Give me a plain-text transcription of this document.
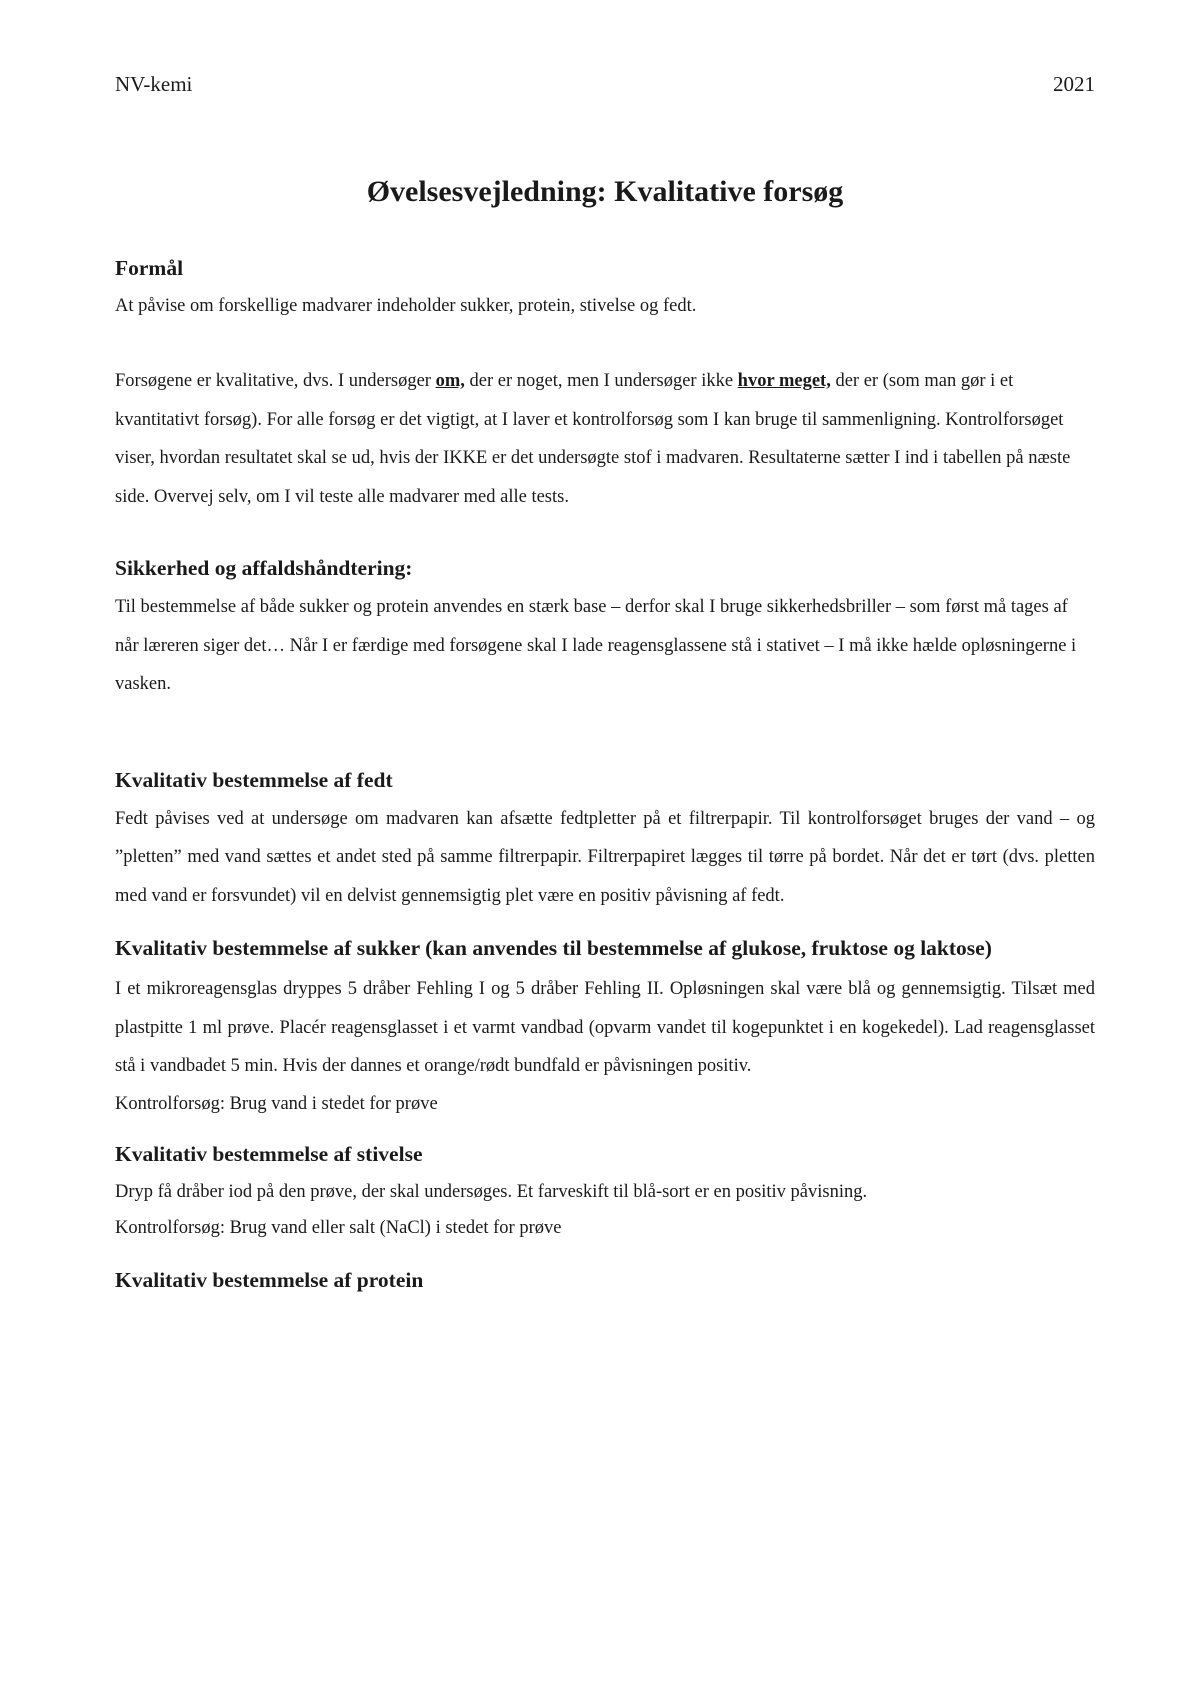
NV-kemi	2021
Øvelsesvejledning: Kvalitative forsøg
Formål

At påvise om forskellige madvarer indeholder sukker, protein, stivelse og fedt.

Forsøgene er kvalitative, dvs. I undersøger om, der er noget, men I undersøger ikke hvor meget, der er (som man gør i et kvantitativt forsøg). For alle forsøg er det vigtigt, at I laver et kontrolforsøg som I kan bruge til sammenligning. Kontrolforsøget viser, hvordan resultatet skal se ud, hvis der IKKE er det undersøgte stof i madvaren. Resultaterne sætter I ind i tabellen på næste side. Overvej selv, om I vil teste alle madvarer med alle tests.

Sikkerhed og affaldshåndtering:

Til bestemmelse af både sukker og protein anvendes en stærk base – derfor skal I bruge sikkerhedsbriller – som først må tages af når læreren siger det… Når I er færdige med forsøgene skal I lade reagensglassene stå i stativet – I må ikke hælde opløsningerne i vasken.

Kvalitativ bestemmelse af fedt

Fedt påvises ved at undersøge om madvaren kan afsætte fedtpletter på et filtrerpapir. Til kontrolforsøget bruges der vand – og ”pletten” med vand sættes et andet sted på samme filtrerpapir. Filtrerpapiret lægges til tørre på bordet. Når det er tørt (dvs. pletten med vand er forsvundet) vil en delvist gennemsigtig plet være en positiv påvisning af fedt.

Kvalitativ bestemmelse af sukker (kan anvendes til bestemmelse af glukose, fruktose og laktose)

I et mikroreagensglas dryppes 5 dråber Fehling I og 5 dråber Fehling II. Opløsningen skal være blå og gennemsigtig. Tilsæt med plastpitte 1 ml prøve. Placér reagensglasset i et varmt vandbad (opvarm vandet til kogepunktet i en kogekedel). Lad reagensglasset stå i vandbadet 5 min. Hvis der dannes et orange/rødt bundfald er påvisningen positiv.

Kontrolforsøg: Brug vand i stedet for prøve

Kvalitativ bestemmelse af stivelse

Dryp få dråber iod på den prøve, der skal undersøges. Et farveskift til blå-sort er en positiv påvisning.

Kontrolforsøg: Brug vand eller salt (NaCl) i stedet for prøve

Kvalitativ bestemmelse af protein
